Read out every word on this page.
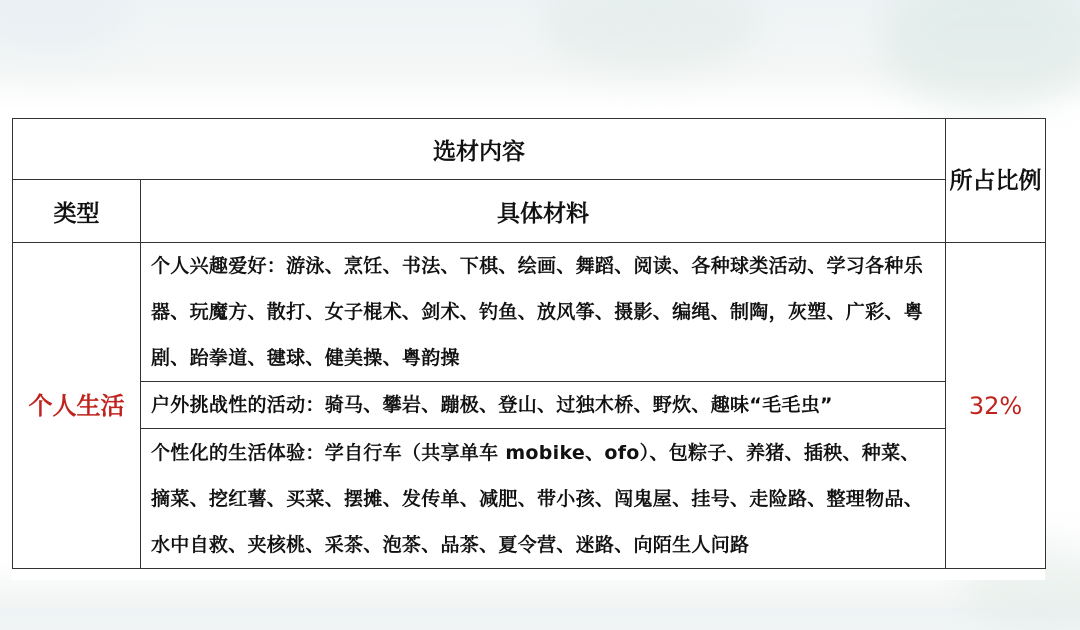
选材内容		所占比例
类型	具体材料	
个人生活	个人兴趣爱好：游泳、烹饪、书法、下棋、绘画、舞蹈、阅读、各种球类活动、学习各种乐器、玩魔方、散打、女子棍术、剑术、钓鱼、放风筝、摄影、编绳、制陶，灰塑、广彩、粤剧、跆拳道、毽球、健美操、粤韵操	32%
	户外挑战性的活动：骑马、攀岩、蹦极、登山、过独木桥、野炊、趣味“毛毛虫”	
	个性化的生活体验：学自行车（共享单车 mobike、ofo）、包粽子、养猪、插秧、种菜、摘菜、挖红薯、买菜、摆摊、发传单、减肥、带小孩、闯鬼屋、挂号、走险路、整理物品、水中自救、夹核桃、采茶、泡茶、品茶、夏令营、迷路、向陌生人问路	
